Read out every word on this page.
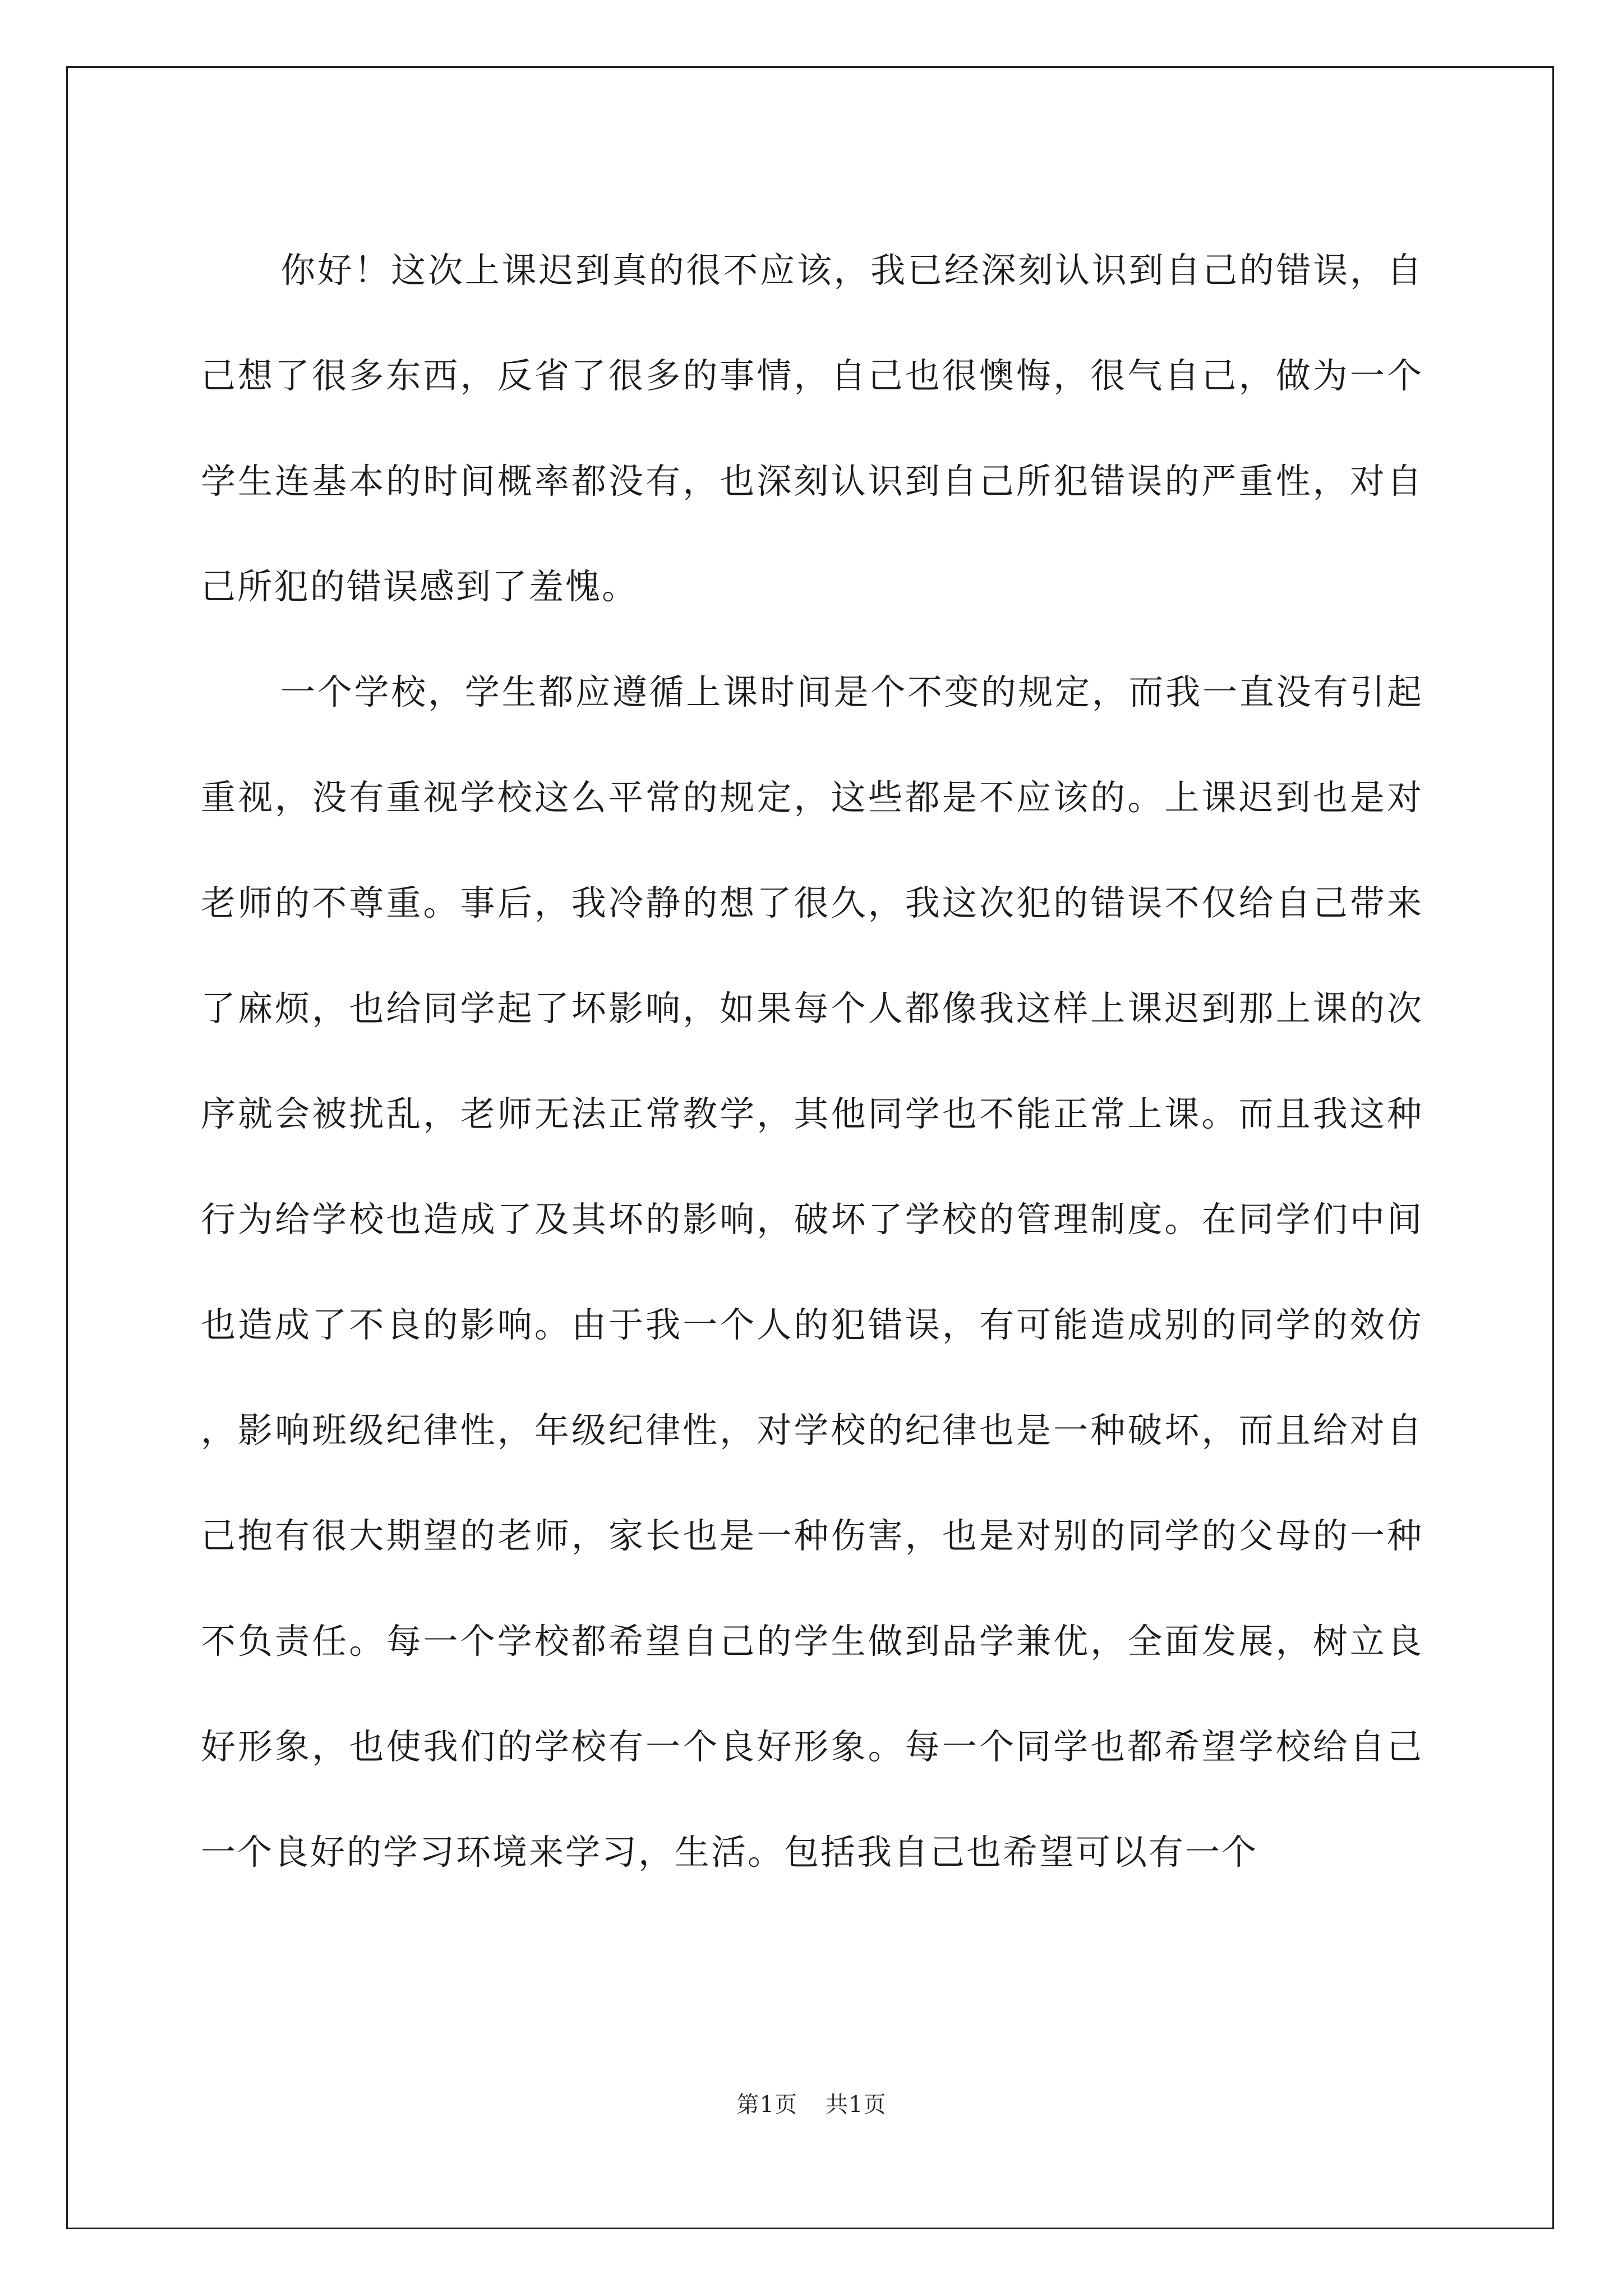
你好！这次上课迟到真的很不应该，我已经深刻认识到自己的错误，自己想了很多东西，反省了很多的事情，自己也很懊悔，很气自己，做为一个学生连基本的时间概率都没有，也深刻认识到自己所犯错误的严重性，对自己所犯的错误感到了羞愧。

一个学校，学生都应遵循上课时间是个不变的规定，而我一直没有引起重视，没有重视学校这么平常的规定，这些都是不应该的。上课迟到也是对老师的不尊重。事后，我冷静的想了很久，我这次犯的错误不仅给自己带来了麻烦，也给同学起了坏影响，如果每个人都像我这样上课迟到那上课的次序就会被扰乱，老师无法正常教学，其他同学也不能正常上课。而且我这种行为给学校也造成了及其坏的影响，破坏了学校的管理制度。在同学们中间也造成了不良的影响。由于我一个人的犯错误，有可能造成别的同学的效仿，影响班级纪律性，年级纪律性，对学校的纪律也是一种破坏，而且给对自己抱有很大期望的老师，家长也是一种伤害，也是对别的同学的父母的一种不负责任。每一个学校都希望自己的学生做到品学兼优，全面发展，树立良好形象，也使我们的学校有一个良好形象。每一个同学也都希望学校给自己一个良好的学习环境来学习，生活。包括我自己也希望可以有一个

第1页 共1页
